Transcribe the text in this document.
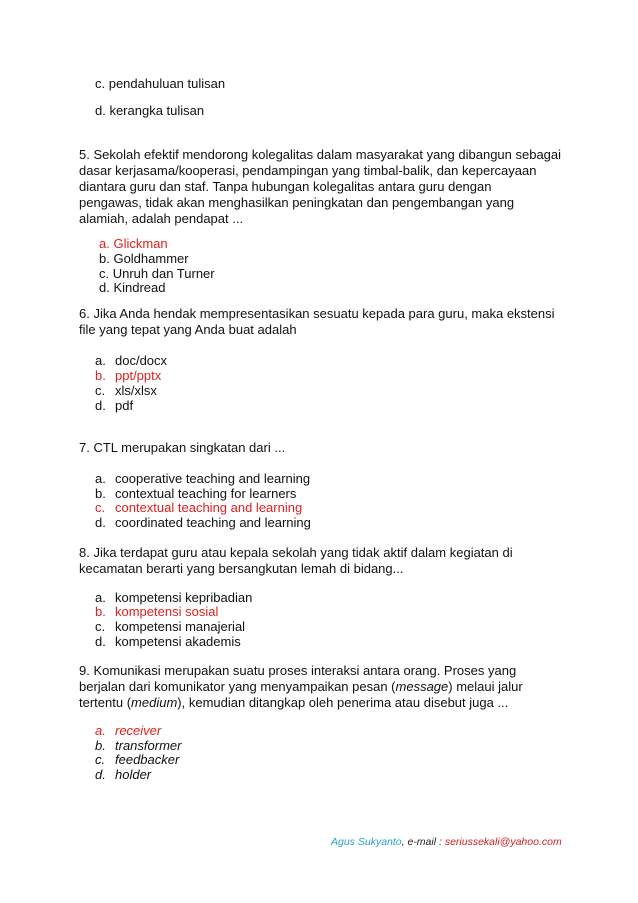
c. pendahuluan tulisan
d. kerangka tulisan
5. Sekolah efektif mendorong kolegalitas dalam masyarakat yang dibangun sebagai
dasar kerjasama/kooperasi, pendampingan yang timbal-balik, dan kepercayaan
diantara guru dan staf. Tanpa hubungan kolegalitas antara guru dengan
pengawas, tidak akan menghasilkan peningkatan dan pengembangan yang
alamiah, adalah pendapat ...
a. Glickman
b. Goldhammer
c. Unruh dan Turner
d. Kindread
6. Jika Anda hendak mempresentasikan sesuatu kepada para guru, maka ekstensi
file yang tepat yang Anda buat adalah
a. doc/docx
b. ppt/pptx
c. xls/xlsx
d. pdf
7. CTL merupakan singkatan dari ...
a. cooperative teaching and learning
b. contextual teaching for learners
c. contextual teaching and learning
d. coordinated teaching and learning
8. Jika terdapat guru atau kepala sekolah yang tidak aktif dalam kegiatan di
kecamatan berarti yang bersangkutan lemah di bidang...
a. kompetensi kepribadian
b. kompetensi sosial
c. kompetensi manajerial
d. kompetensi akademis
9. Komunikasi merupakan suatu proses interaksi antara orang. Proses yang
berjalan dari komunikator yang menyampaikan pesan (message) melaui jalur
tertentu (medium), kemudian ditangkap oleh penerima atau disebut juga ...
a. receiver
b. transformer
c. feedbacker
d. holder
Agus Sukyanto, e-mail : seriussekali@yahoo.com
